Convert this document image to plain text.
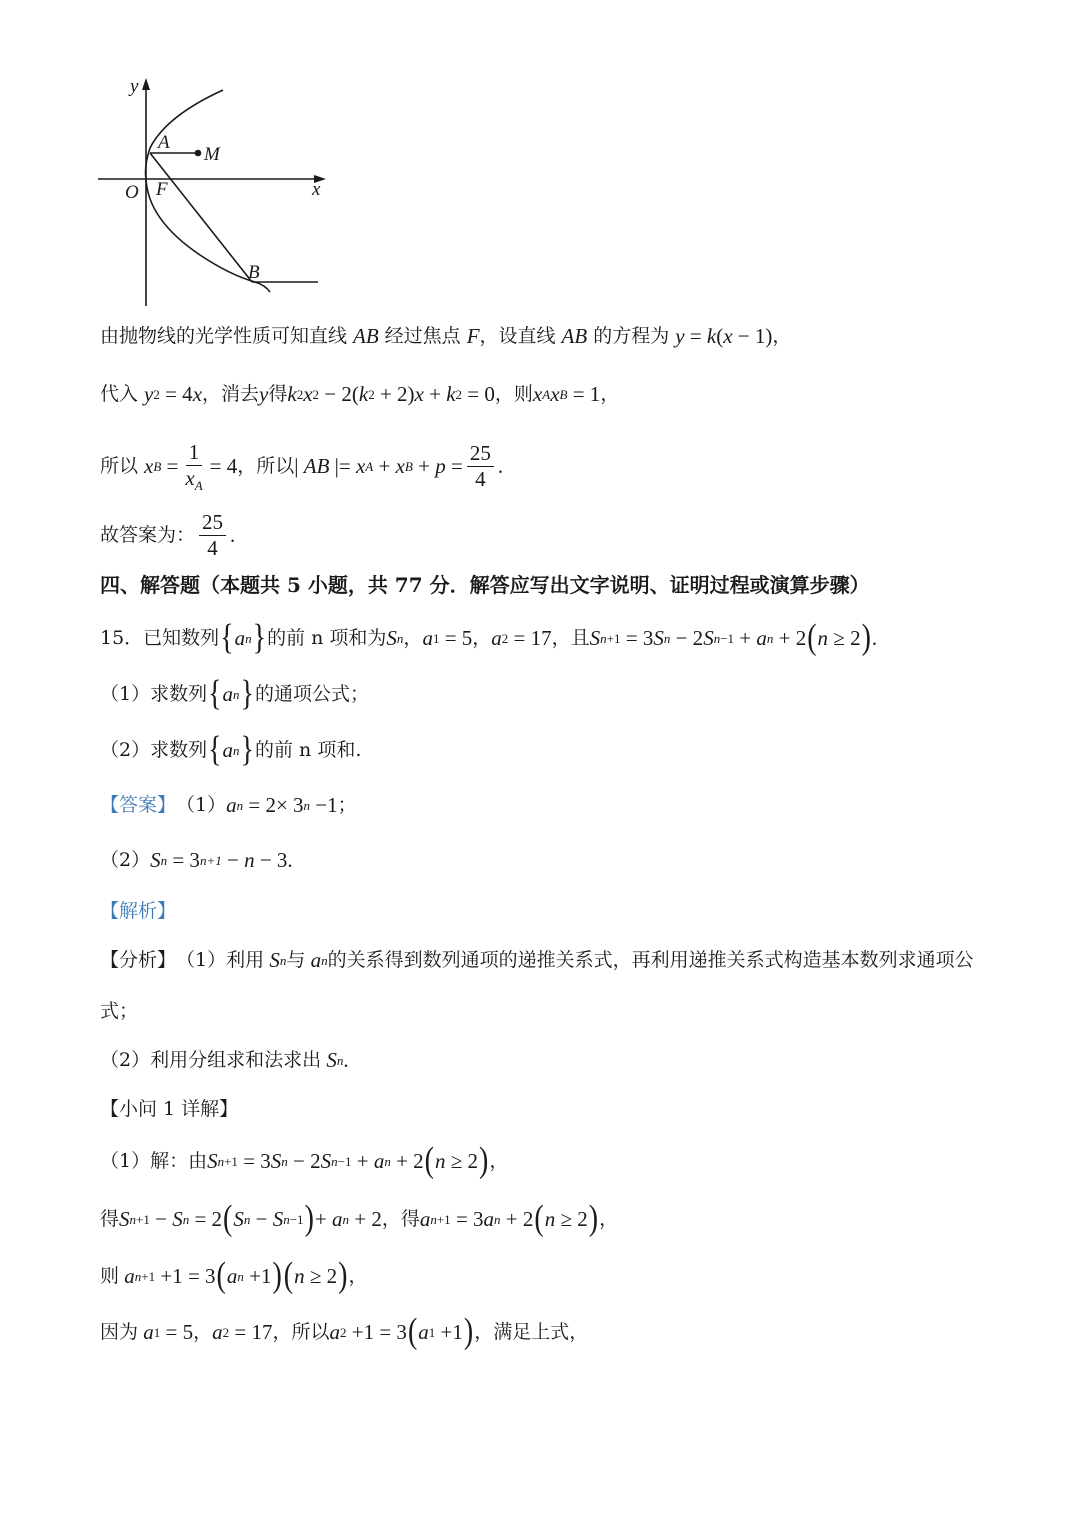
y
x
O
A
M
F
B
由抛物线的光学性质可知直线 AB 经过焦点 F ，设直线 AB 的方程为 y = k ( x − 1) ，
代入 y 2 = 4 x ，消去 y 得 k 2 x 2 − 2( k 2 + 2) x + k 2 = 0 ，则 x A x B = 1 ，
所以 x $B = \frac{1}{x_A} = 4$ ，所以 | AB |= x A + x $B + p = \frac{25}{4}$ .
故答案为： $\frac{25}{4}$ .
四、解答题（本题共 5 小题，共 77 分．解答应写出文字说明、证明过程或演算步骤）
15．已知数列 { a n } 的前 n 项和为 S n ， a 1 = 5 ， a 2 = 17 ，且 S n +1 = 3 S n − 2 S n −1 + a n + 2 ( n ≥ 2 ) .
（1）求数列 { a n } 的通项公式；
（2）求数列 { a n } 的前 n 项和.
【答案】 （1） a n = 2× 3 n −1 ；
（2） S n = 3 n+1 − n − 3 .
【解析】
【分析】 （1）利用 S n 与 a n 的关系得到数列通项的递推关系式，再利用递推关系式构造基本数列求通项公
式；
（2）利用分组求和法求出 S n .
【小问 1 详解】
（1）解：由 S n +1 = 3 S n − 2 S n −1 + a n + 2 ( n ≥ 2 ) ，
得 S n +1 − S n = 2 ( S n − S n −1 ) + a n + 2 ，得 a n +1 = 3 a n + 2 ( n ≥ 2 ) ，
则 a n +1 +1 = 3 ( a n +1 ) ( n ≥ 2 ) ，
因为 a 1 = 5 ， a 2 = 17 ， 所以 a 2 +1 = 3 ( a 1 +1 ) ，满足上式，
